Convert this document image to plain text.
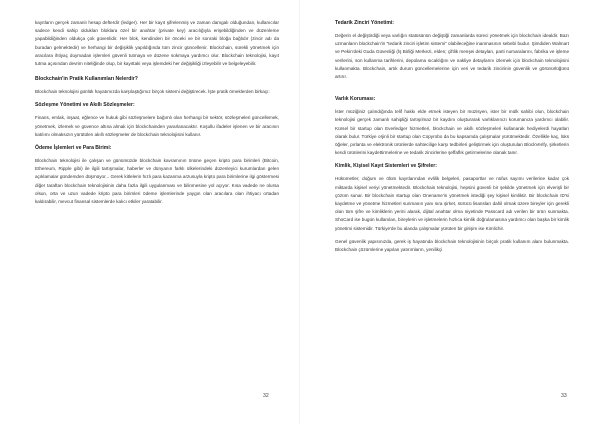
kayıtların gerçek zamanlı hesap defterdir (ledger). Her bir kayıt şifrelenmiş ve zaman damgalı olduğundan, kullanıcılar sadece kendi sahip oldukları bloklara özel bir anahtar (private key) aracılığıyla erişebildiğinden ve düzenleme yapabildiğinden oldukça çok güvenlidir. Her blok, kendinden bir önceki ve bir sonraki bloğa bağlıdır (zincir adı da buradan gelmektedir) ve herhangi bir değişiklik yapıldığında tüm zincir güncellenir. Blockchain, sürekli yönetmek için aracılara ihtiyaç duymadan işlemleri güvenli tutmaya ve düzene sokmaya yardımcı olur. Blockchain teknolojisi, kayıt tutma açısından devrim niteliğinde olup, bir kayıttaki veya işlemdeki her değişikliği izleyebilir ve belgeleyebilir.

Blockchain'in Pratik Kullanımları Nelerdir?

Blockchain teknolojisi günlük hayatımızda karşılaştığımız birçok sistemi değiştirecek. İşte pratik örneklerden birkaçı:

Sözleşme Yönetimi ve Akıllı Sözleşmeler:

Finans, emlak, inşaat, eğlence ve hukuk gibi sözleşmelere bağımlı olan herhangi bir sektör, sözleşmeleri güncellemek, yönetmek, izlemek ve güvence altına almak için blockchainden yararlanacaktır. Koşullu ifadeler işlenen ve bir aracının katılımı olmaksızın yürütülen akıllı sözleşmeler de blockchain teknolojisini kullanır.

Ödeme İşlemleri ve Para Birimi:

Blockchain teknolojisi ile çalışan ve günümüzde blockchain kavramının önüne geçen kripto para birimleri (Bitcoin, Ethereum, Ripple gibi) ile ilgili tartışmalar, haberler ve dünyanın farklı ülkelerindeki düzenleyici kurumlardan gelen açıklamalar gündemden düşmüyor... Gerek kitlelerin hızlı para kazanma arzusuyla kripto para birimlerine ilgi göstermesi diğer taraftan blockchain teknolojisinin daha fazla ilgili uygulanması ve bilinmesine yol açıyor. Kısa vadede ne olursa olsun, orta ve uzun vadede kripto para birimleri ödeme işlemlerinde yaygın olan aracılara olan ihtiyacı ortadan kaldırabilir, mevcut finansal sistemlerde kalıcı etkiler yaratabilir.

32
Tedarik Zinciri Yönetimi:

Değerin el değiştirdiği veya varlığın statüsünün değiştiği zamanlarda süreci yönetmek için blockchain idealdir. Bazı uzmanların blockchain'in "tedarik zinciri işletim sistemi" olabileceğine inanmasının sebebi budur. Şimdiden Walmart ve Pekin'deki Guda Güvenliği (İş Birliği Merkezi, elden; çiftlik menşei detayları, parti numaralarını, fabrika ve işleme verilerini, son kullanma tarihlerini, depolama sıcaklığını ve nakliye detaylarını izlemek için blockchain teknolojisini kullanmakta. Blockchain, artık durum güncellemelerine için veri ve tedarik zincirinin güvenlik ve görünürlüğünü artırır.

Varlık Koruması:

İster müziğiniz çalındığında telif hakkı elde etmek isteyen bir müzisyen, ister bir mülk sahibi olun, blockchain teknolojisi gerçek zamanlı sahipliği tartışılmaz bir kaydını oluşturarak varlıklarınızı korumanıza yardımcı olabilir. Kürsel bir startup olan Everledger hizmetleri, blockchain ve akıllı sözleşmeleri kullanarak hediyelerdi hayatları olarak bulur. Türkiye orjinli bir startup olan Copyrobo da bu kapsamda çalışmalar yürütmektedir. Özellikle kaç, lüks öğeler, pırlanta ve elektronik ürünlerde sahtecilige karşı tedbirleri geliştirmek için oluşturulan BlockVerify, şirketlerin kendi ürünlerini kaydettirmelerine ve tedarik zincirlerine şeffaflık getirmelerine olanak tanır.

Kimlik, Kişisel Kayıt Sistemleri ve Şifreler:

Hükümetler, doğum ve ölüm kayıtlarından evlilik belgeleri, pasaportlar ve nüfus sayımı verilerine kadar çok miktarda kişisel veriyi yönetmektedir. Blockchain teknolojisi, hepsini güvenli bir şekilde yönetmek için elverişli bir çözüm sunar. Bir blockchain startup olan Onename'in yönetmek istediği şey kişisel kimliktir. Bir blockchain ID'si kaydetme ve yönetme hizmetleri sunmanın yanı sıra şirket, sürücü lisansları dahil olmak üzere bireyler için gerekli olan tüm şifre ve kimliklerin yerini alarak, dijital anahtar olma niyetinde Passcard adı verilen bir ürün sunmakta. ShoCard ise bugün kullanılan, bireylerin ve işletmelerin hızlıca kimlik doğrulamasına yardımcı olan başka bir kimlik yönetimi sistemidir. Türkiye'de bu alanda çalışmalar yürüten bir girişim ise Kimlichir.

Genel güvenlik yapısınızda, gerek iş hayatında blockchain teknolojisinin birçok pratik kullanım alanı bulunmakta. Blockchain çözümlerine yapılan yatırımların, yenilikçi

33
